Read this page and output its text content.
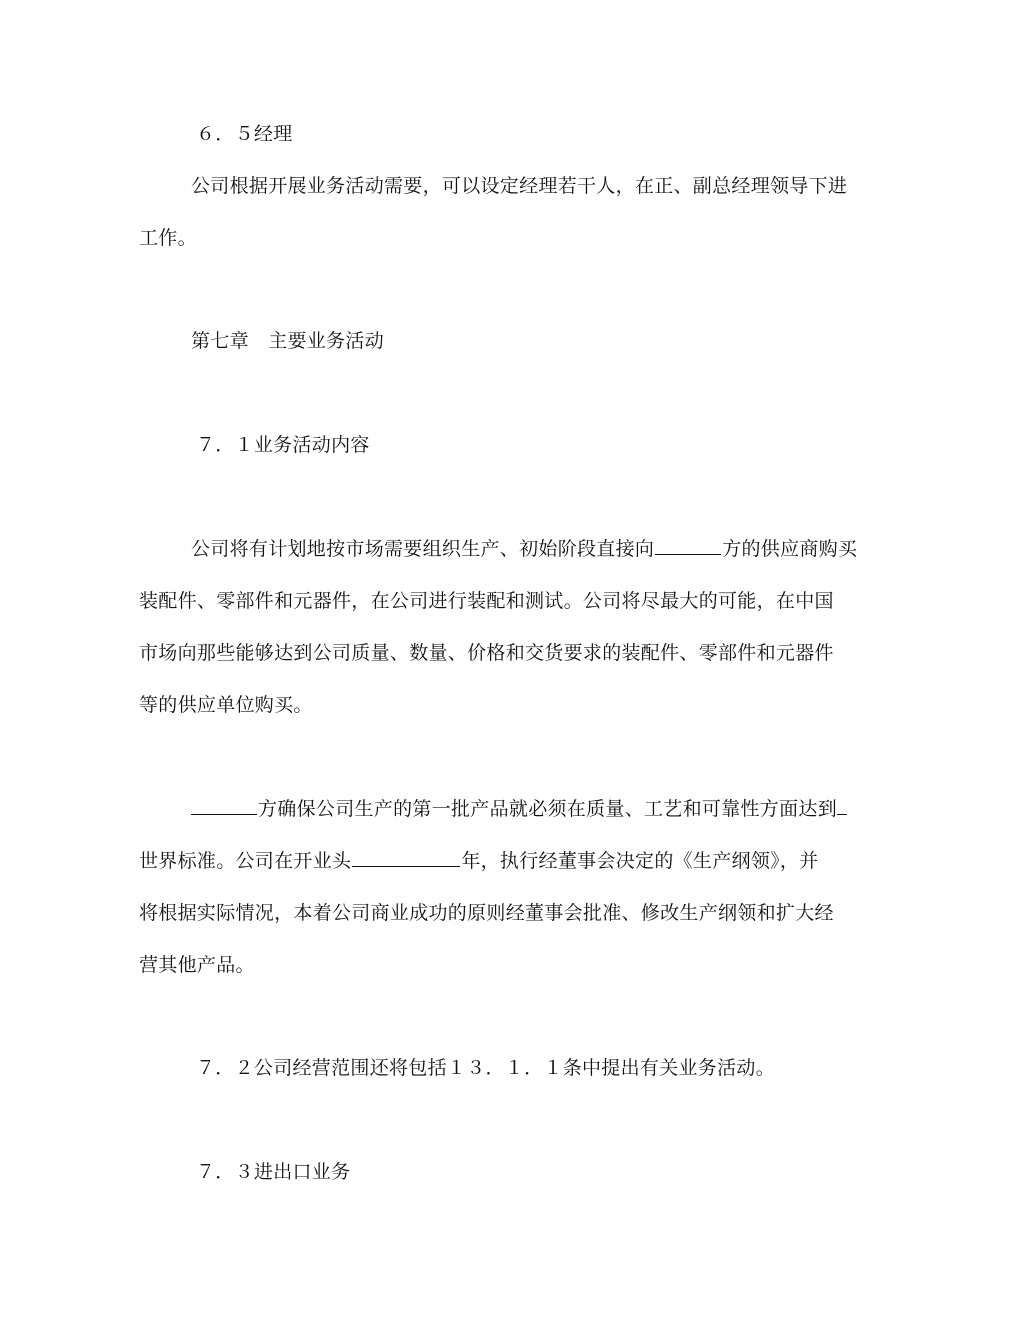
６．５经理
公司根据开展业务活动需要，可以设定经理若干人，在正、副总经理领导下进
工作。
第七章　主要业务活动
７．１业务活动内容
公司将有计划地按市场需要组织生产、初始阶段直接向	方的供应商购买
装配件、零部件和元器件，在公司进行装配和测试。公司将尽最大的可能，在中国
市场向那些能够达到公司质量、数量、价格和交货要求的装配件、零部件和元器件
等的供应单位购买。
方确保公司生产的第一批产品就必须在质量、工艺和可靠性方面达到
世界标准。公司在开业头	年，执行经董事会决定的《生产纲领》，并
将根据实际情况，本着公司商业成功的原则经董事会批准、修改生产纲领和扩大经
营其他产品。
７．２公司经营范围还将包括１３．１．１条中提出有关业务活动。
７．３进出口业务
